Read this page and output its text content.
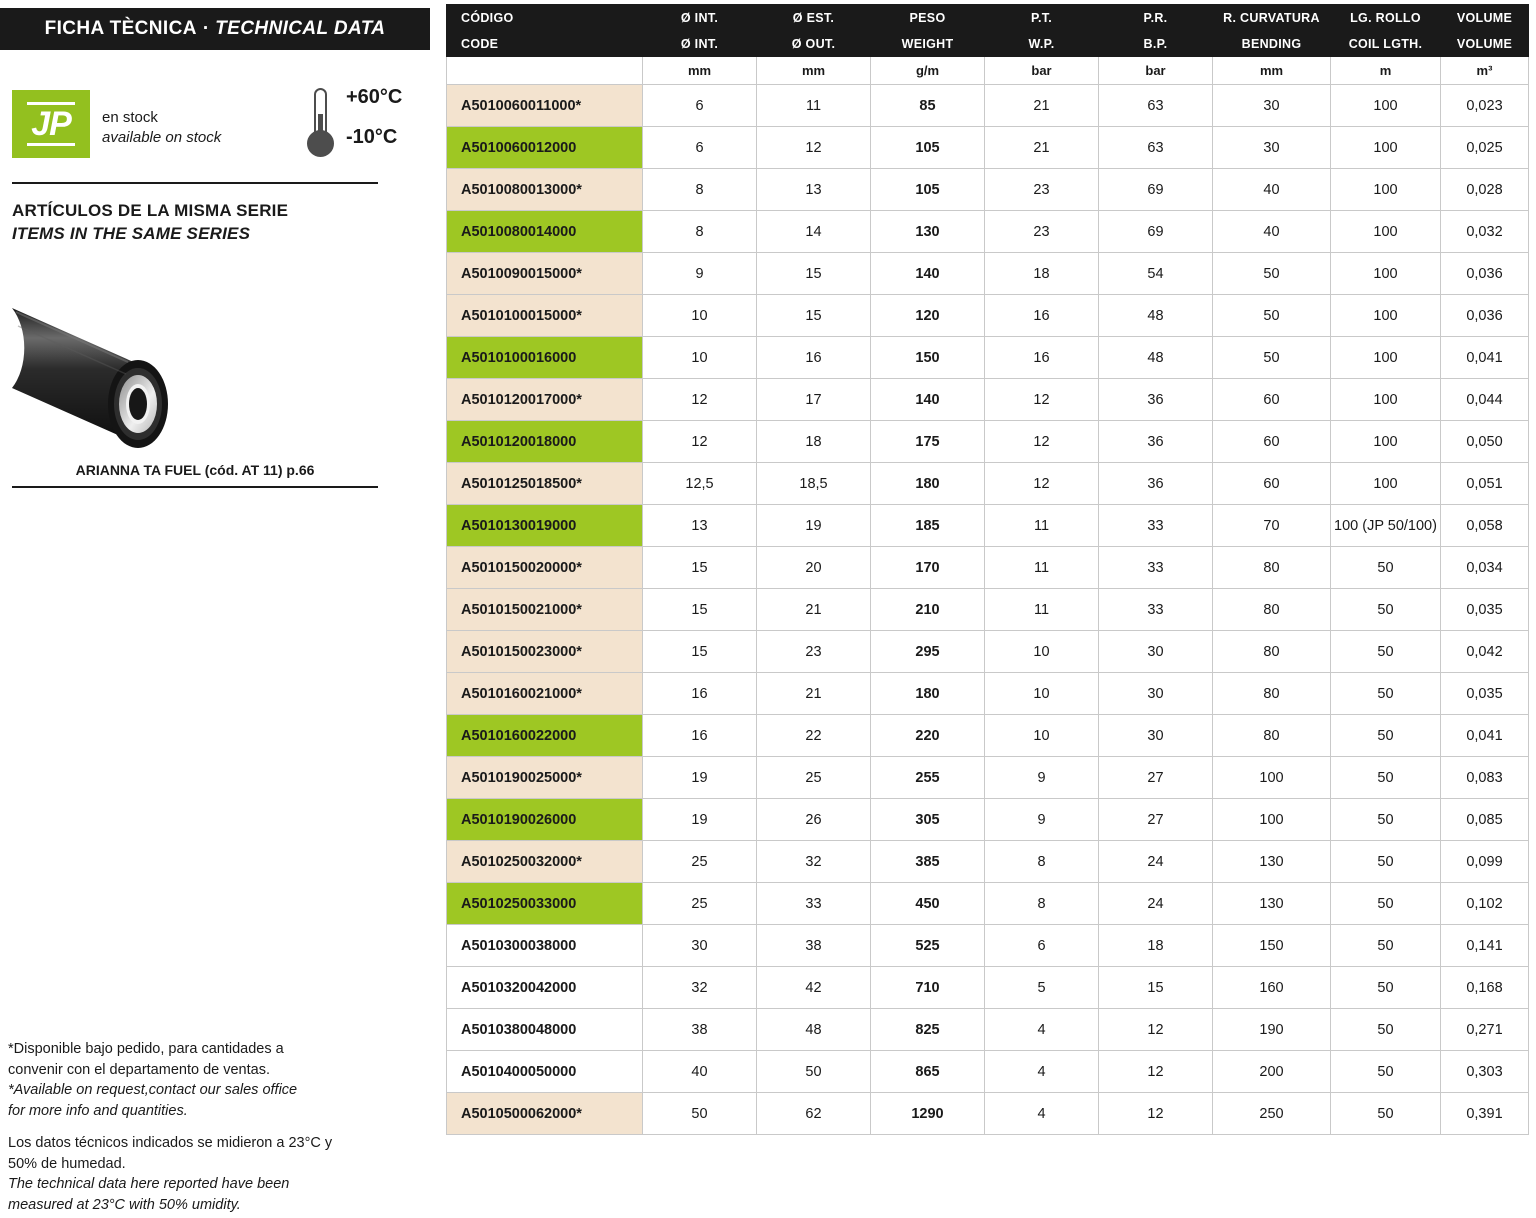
FICHA TÈCNICA · TECHNICAL DATA
JP en stock
available on stock
+60°C
-10°C
ARTÍCULOS DE LA MISMA SERIE
ITEMS IN THE SAME SERIES
ARIANNA TA FUEL (cód. AT 11) p.66

*Disponible bajo pedido, para cantidades a

convenir con el departamento de ventas.

*Available on request,contact our sales office

for more info and quantities.

Los datos técnicos indicados se midieron a 23°C y

50% de humedad.

The technical data here reported have been

measured at 23°C with 50% umidity.

CÓDIGO	Ø INT.	Ø EST.	PESO	P.T.	P.R.	R. CURVATURA	LG. ROLLO	VOLUME
CODE	Ø INT.	Ø OUT.	WEIGHT	W.P.	B.P.	BENDING	COIL LGTH.	VOLUME
	mm	mm	g/m	bar	bar	mm	m	m³
A5010060011000*	6	11	85	21	63	30	100	0,023
A5010060012000	6	12	105	21	63	30	100	0,025
A5010080013000*	8	13	105	23	69	40	100	0,028
A5010080014000	8	14	130	23	69	40	100	0,032
A5010090015000*	9	15	140	18	54	50	100	0,036
A5010100015000*	10	15	120	16	48	50	100	0,036
A5010100016000	10	16	150	16	48	50	100	0,041
A5010120017000*	12	17	140	12	36	60	100	0,044
A5010120018000	12	18	175	12	36	60	100	0,050
A5010125018500*	12,5	18,5	180	12	36	60	100	0,051
A5010130019000	13	19	185	11	33	70	100 (JP 50/100)	0,058
A5010150020000*	15	20	170	11	33	80	50	0,034
A5010150021000*	15	21	210	11	33	80	50	0,035
A5010150023000*	15	23	295	10	30	80	50	0,042
A5010160021000*	16	21	180	10	30	80	50	0,035
A5010160022000	16	22	220	10	30	80	50	0,041
A5010190025000*	19	25	255	9	27	100	50	0,083
A5010190026000	19	26	305	9	27	100	50	0,085
A5010250032000*	25	32	385	8	24	130	50	0,099
A5010250033000	25	33	450	8	24	130	50	0,102
A5010300038000	30	38	525	6	18	150	50	0,141
A5010320042000	32	42	710	5	15	160	50	0,168
A5010380048000	38	48	825	4	12	190	50	0,271
A5010400050000	40	50	865	4	12	200	50	0,303
A5010500062000*	50	62	1290	4	12	250	50	0,391
